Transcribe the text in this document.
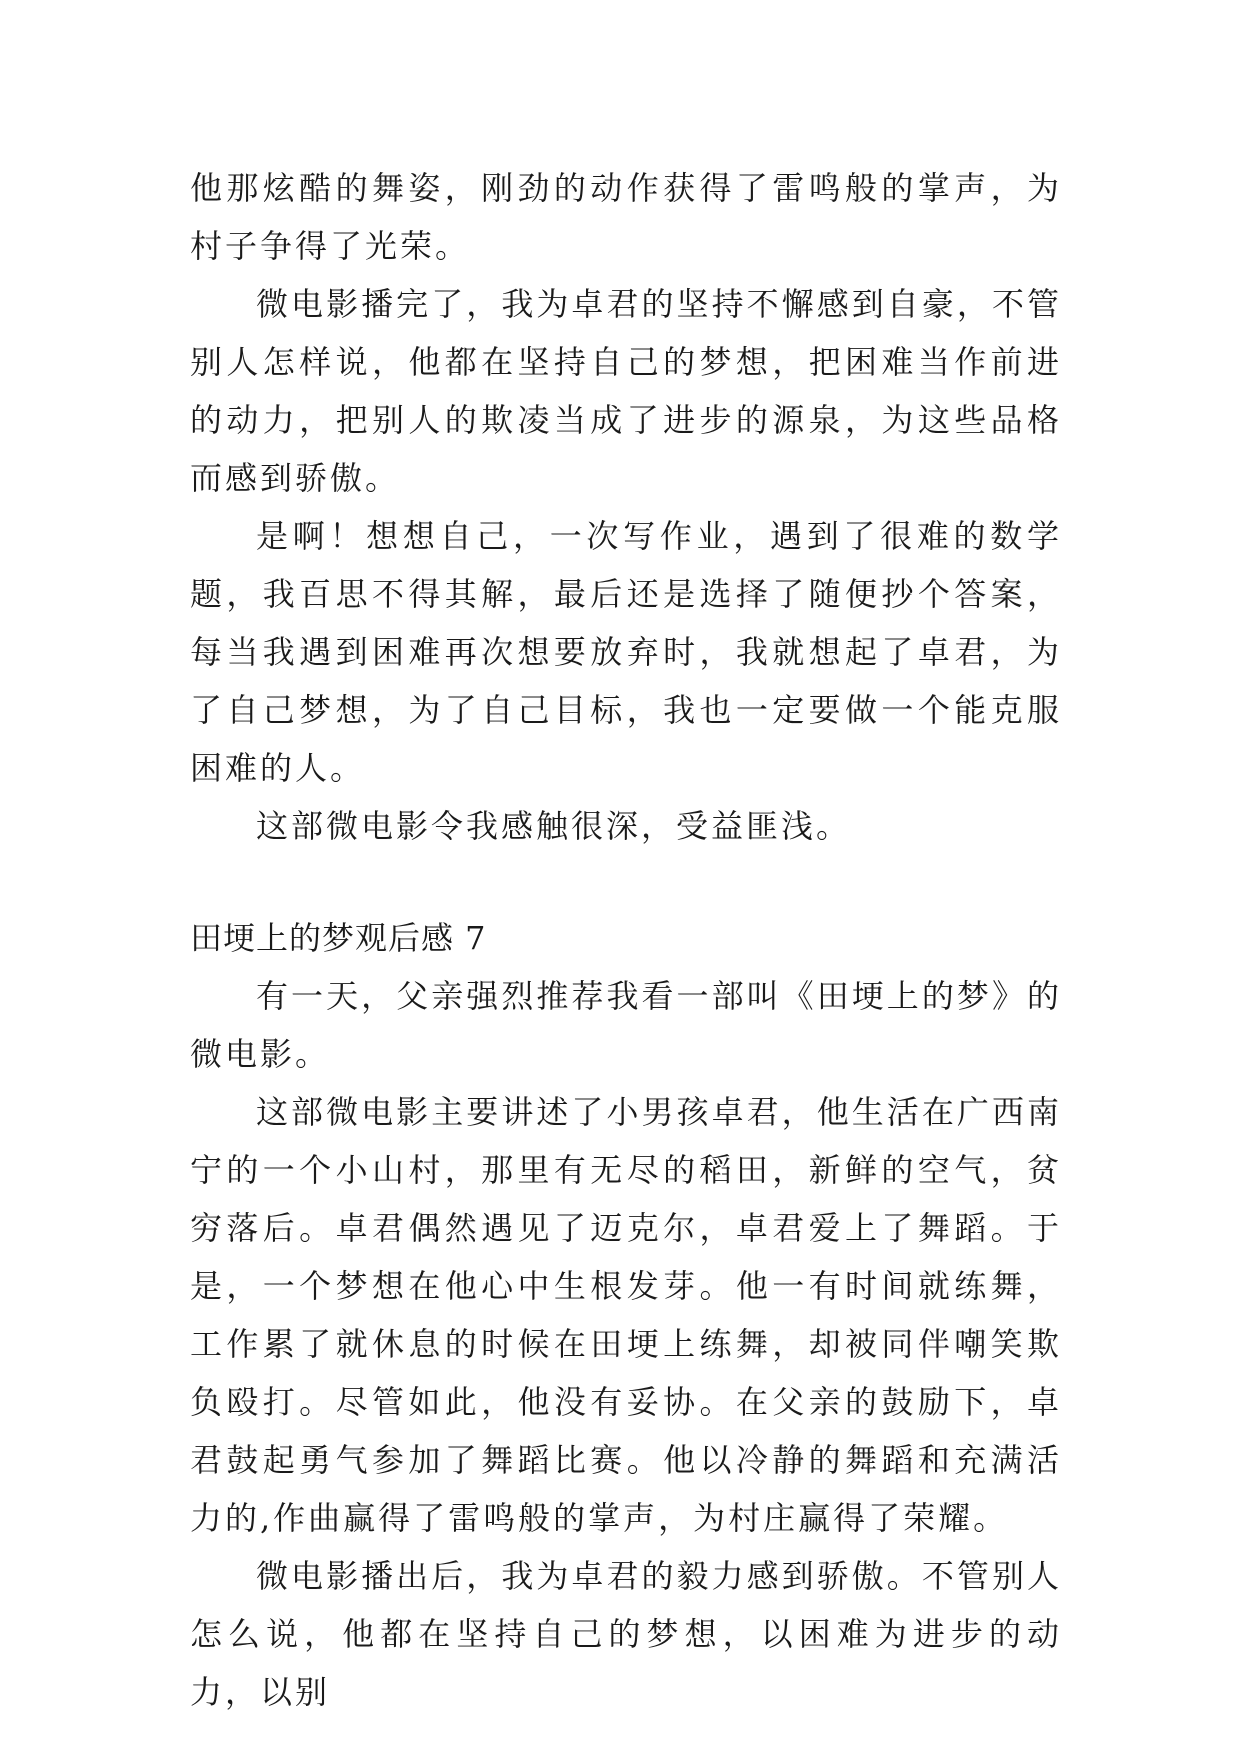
他那炫酷的舞姿，刚劲的动作获得了雷鸣般的掌声，为村子争得了光荣。

微电影播完了，我为卓君的坚持不懈感到自豪，不管别人怎样说，他都在坚持自己的梦想，把困难当作前进的动力，把别人的欺凌当成了进步的源泉，为这些品格而感到骄傲。

是啊！想想自己，一次写作业，遇到了很难的数学题，我百思不得其解，最后还是选择了随便抄个答案，每当我遇到困难再次想要放弃时，我就想起了卓君，为了自己梦想，为了自己目标，我也一定要做一个能克服困难的人。

这部微电影令我感触很深，受益匪浅。

田埂上的梦观后感 7

有一天，父亲强烈推荐我看一部叫《田埂上的梦》的微电影。

这部微电影主要讲述了小男孩卓君，他生活在广西南宁的一个小山村，那里有无尽的稻田，新鲜的空气，贫穷落后。卓君偶然遇见了迈克尔，卓君爱上了舞蹈。于是，一个梦想在他心中生根发芽。他一有时间就练舞，工作累了就休息的时候在田埂上练舞，却被同伴嘲笑欺负殴打。尽管如此，他没有妥协。在父亲的鼓励下，卓君鼓起勇气参加了舞蹈比赛。他以冷静的舞蹈和充满活力的,作曲赢得了雷鸣般的掌声，为村庄赢得了荣耀。

微电影播出后，我为卓君的毅力感到骄傲。不管别人怎么说，他都在坚持自己的梦想，以困难为进步的动力，以别
